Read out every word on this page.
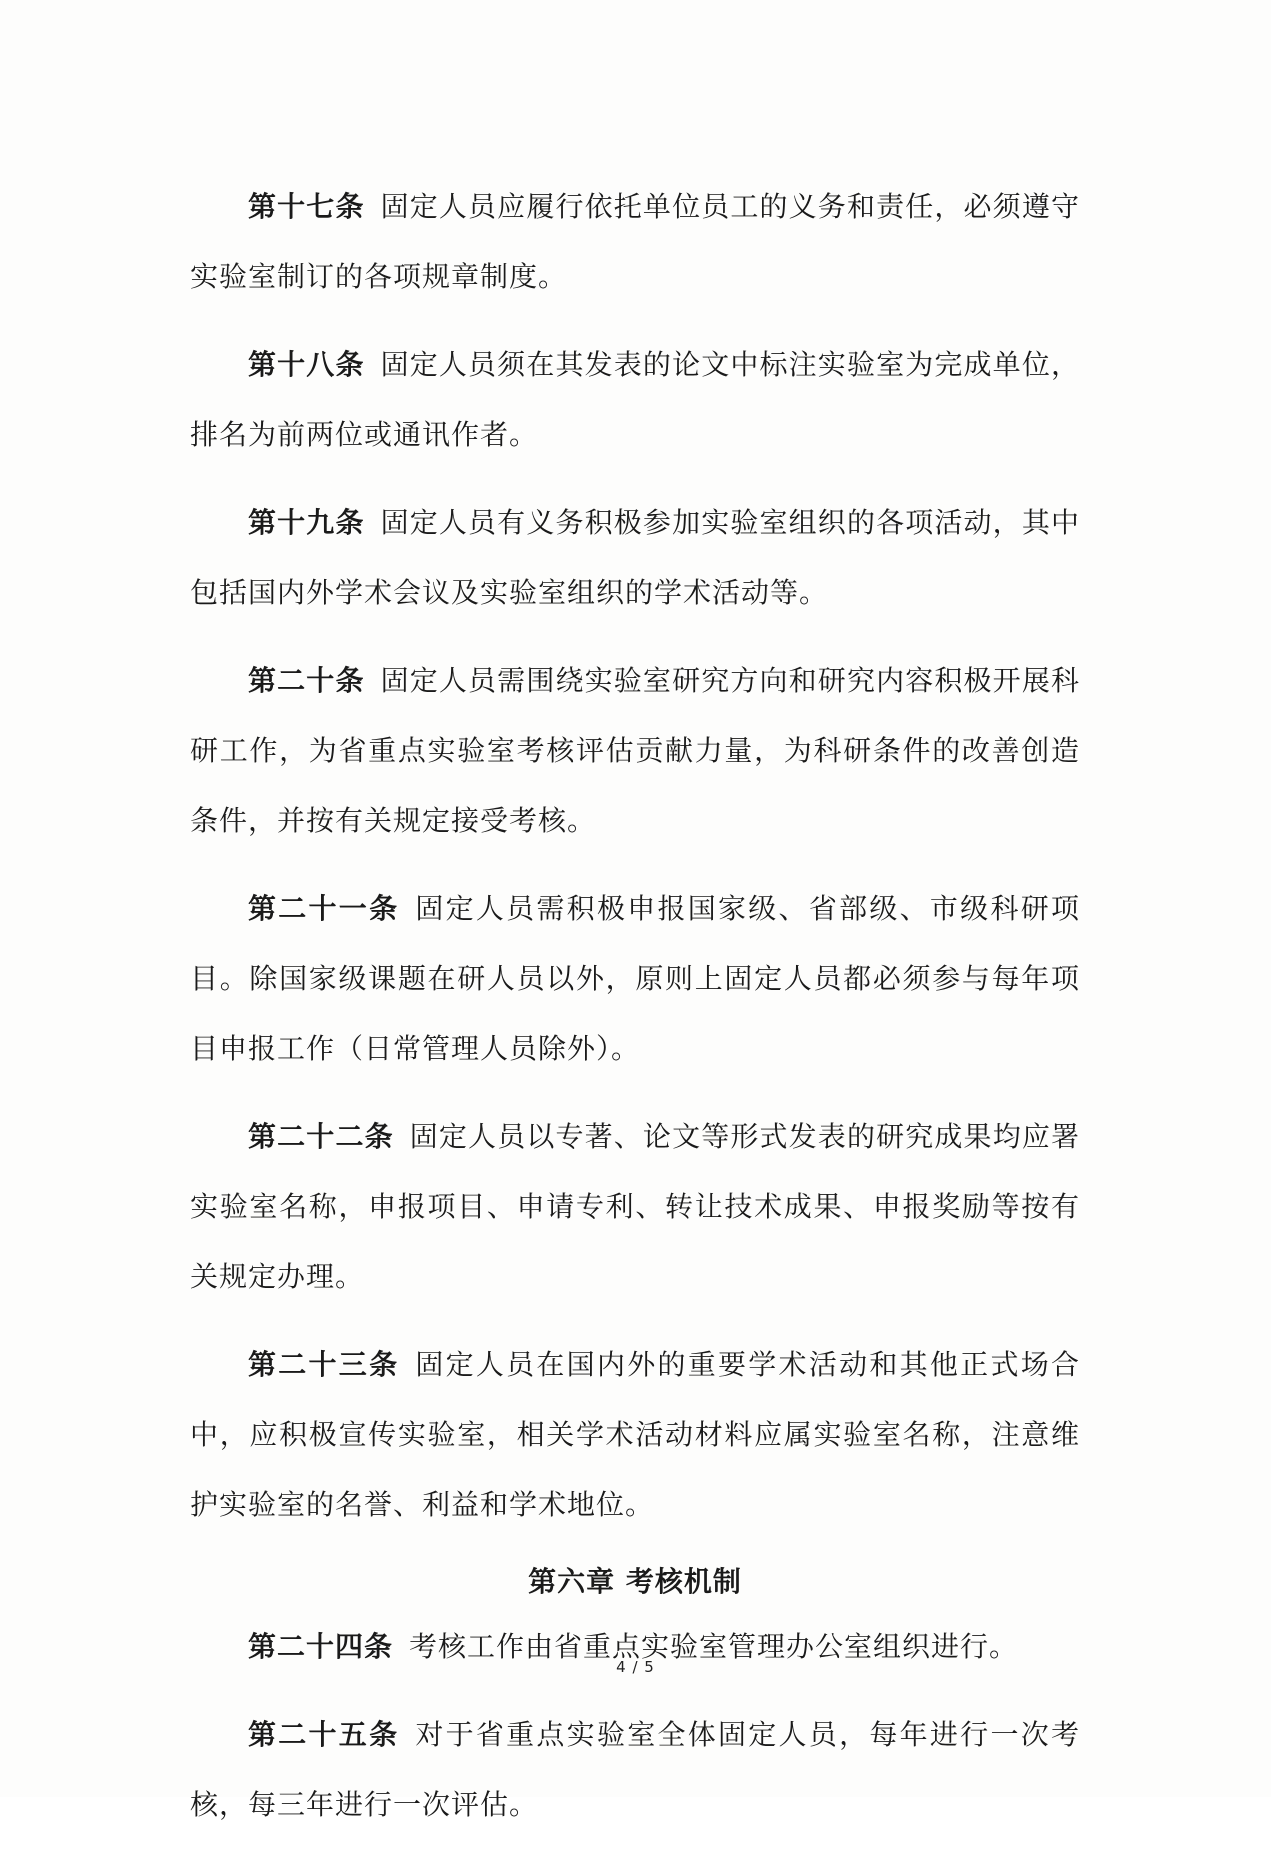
第十七条 固定人员应履行依托单位员工的义务和责任，必须遵守实验室制订的各项规章制度。

第十八条 固定人员须在其发表的论文中标注实验室为完成单位，排名为前两位或通讯作者。

第十九条 固定人员有义务积极参加实验室组织的各项活动，其中包括国内外学术会议及实验室组织的学术活动等。

第二十条 固定人员需围绕实验室研究方向和研究内容积极开展科研工作，为省重点实验室考核评估贡献力量，为科研条件的改善创造条件，并按有关规定接受考核。

第二十一条 固定人员需积极申报国家级、省部级、市级科研项目。除国家级课题在研人员以外，原则上固定人员都必须参与每年项目申报工作（日常管理人员除外）。

第二十二条 固定人员以专著、论文等形式发表的研究成果均应署实验室名称，申报项目、申请专利、转让技术成果、申报奖励等按有关规定办理。

第二十三条 固定人员在国内外的重要学术活动和其他正式场合中，应积极宣传实验室，相关学术活动材料应属实验室名称，注意维护实验室的名誉、利益和学术地位。

第六章 考核机制

第二十四条 考核工作由省重点实验室管理办公室组织进行。

第二十五条 对于省重点实验室全体固定人员，每年进行一次考核，每三年进行一次评估。

4 / 5
